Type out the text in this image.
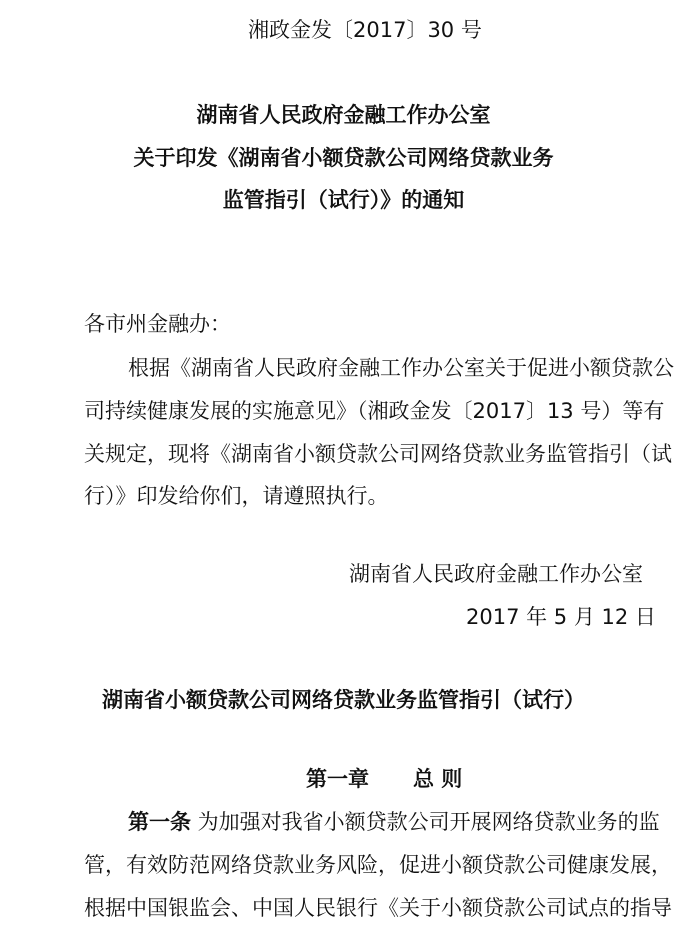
湘政金发〔2017〕30 号
湖南省人民政府金融工作办公室
关于印发《湖南省小额贷款公司网络贷款业务
监管指引（试行）》的通知
各市州金融办：
根据《湖南省人民政府金融工作办公室关于促进小额贷款公
司持续健康发展的实施意见》（湘政金发〔2017〕13 号）等有
关规定，现将《湖南省小额贷款公司网络贷款业务监管指引（试
行）》印发给你们，请遵照执行。
湖南省人民政府金融工作办公室
2017 年 5 月 12 日
湖南省小额贷款公司网络贷款业务监管指引（试行）
第一章 总 则
第一条 为加强对我省小额贷款公司开展网络贷款业务的监
管，有效防范网络贷款业务风险，促进小额贷款公司健康发展，
根据中国银监会、中国人民银行《关于小额贷款公司试点的指导
